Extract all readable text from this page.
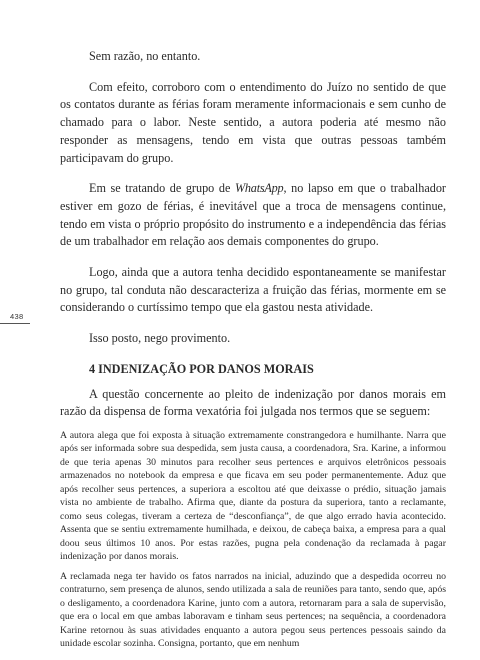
438

Sem razão, no entanto.

Com efeito, corroboro com o entendimento do Juízo no sentido de que os contatos durante as férias foram meramente informacionais e sem cunho de chamado para o labor. Neste sentido, a autora poderia até mesmo não responder as mensagens, tendo em vista que outras pessoas também participavam do grupo.

Em se tratando de grupo de WhatsApp, no lapso em que o trabalhador estiver em gozo de férias, é inevitável que a troca de mensagens continue, tendo em vista o próprio propósito do instrumento e a independência das férias de um trabalhador em relação aos demais componentes do grupo.

Logo, ainda que a autora tenha decidido espontaneamente se manifestar no grupo, tal conduta não descaracteriza a fruição das férias, mormente em se considerando o curtíssimo tempo que ela gastou nesta atividade.

Isso posto, nego provimento.

4 INDENIZAÇÃO POR DANOS MORAIS

A questão concernente ao pleito de indenização por danos morais em razão da dispensa de forma vexatória foi julgada nos termos que se seguem:

A autora alega que foi exposta à situação extremamente constrangedora e humilhante. Narra que após ser informada sobre sua despedida, sem justa causa, a coordenadora, Sra. Karine, a informou de que teria apenas 30 minutos para recolher seus pertences e arquivos eletrônicos pessoais armazenados no notebook da empresa e que ficava em seu poder permanentemente. Aduz que após recolher seus pertences, a superiora a escoltou até que deixasse o prédio, situação jamais vista no ambiente de trabalho. Afirma que, diante da postura da superiora, tanto a reclamante, como seus colegas, tiveram a certeza de “desconfiança”, de que algo errado havia acontecido. Assenta que se sentiu extremamente humilhada, e deixou, de cabeça baixa, a empresa para a qual doou seus últimos 10 anos. Por estas razões, pugna pela condenação da reclamada à pagar indenização por danos morais.

A reclamada nega ter havido os fatos narrados na inicial, aduzindo que a despedida ocorreu no contraturno, sem presença de alunos, sendo utilizada a sala de reuniões para tanto, sendo que, após o desligamento, a coordenadora Karine, junto com a autora, retornaram para a sala de supervisão, que era o local em que ambas laboravam e tinham seus pertences; na sequência, a coordenadora Karine retornou às suas atividades enquanto a autora pegou seus pertences pessoais saindo da unidade escolar sozinha. Consigna, portanto, que em nenhum
